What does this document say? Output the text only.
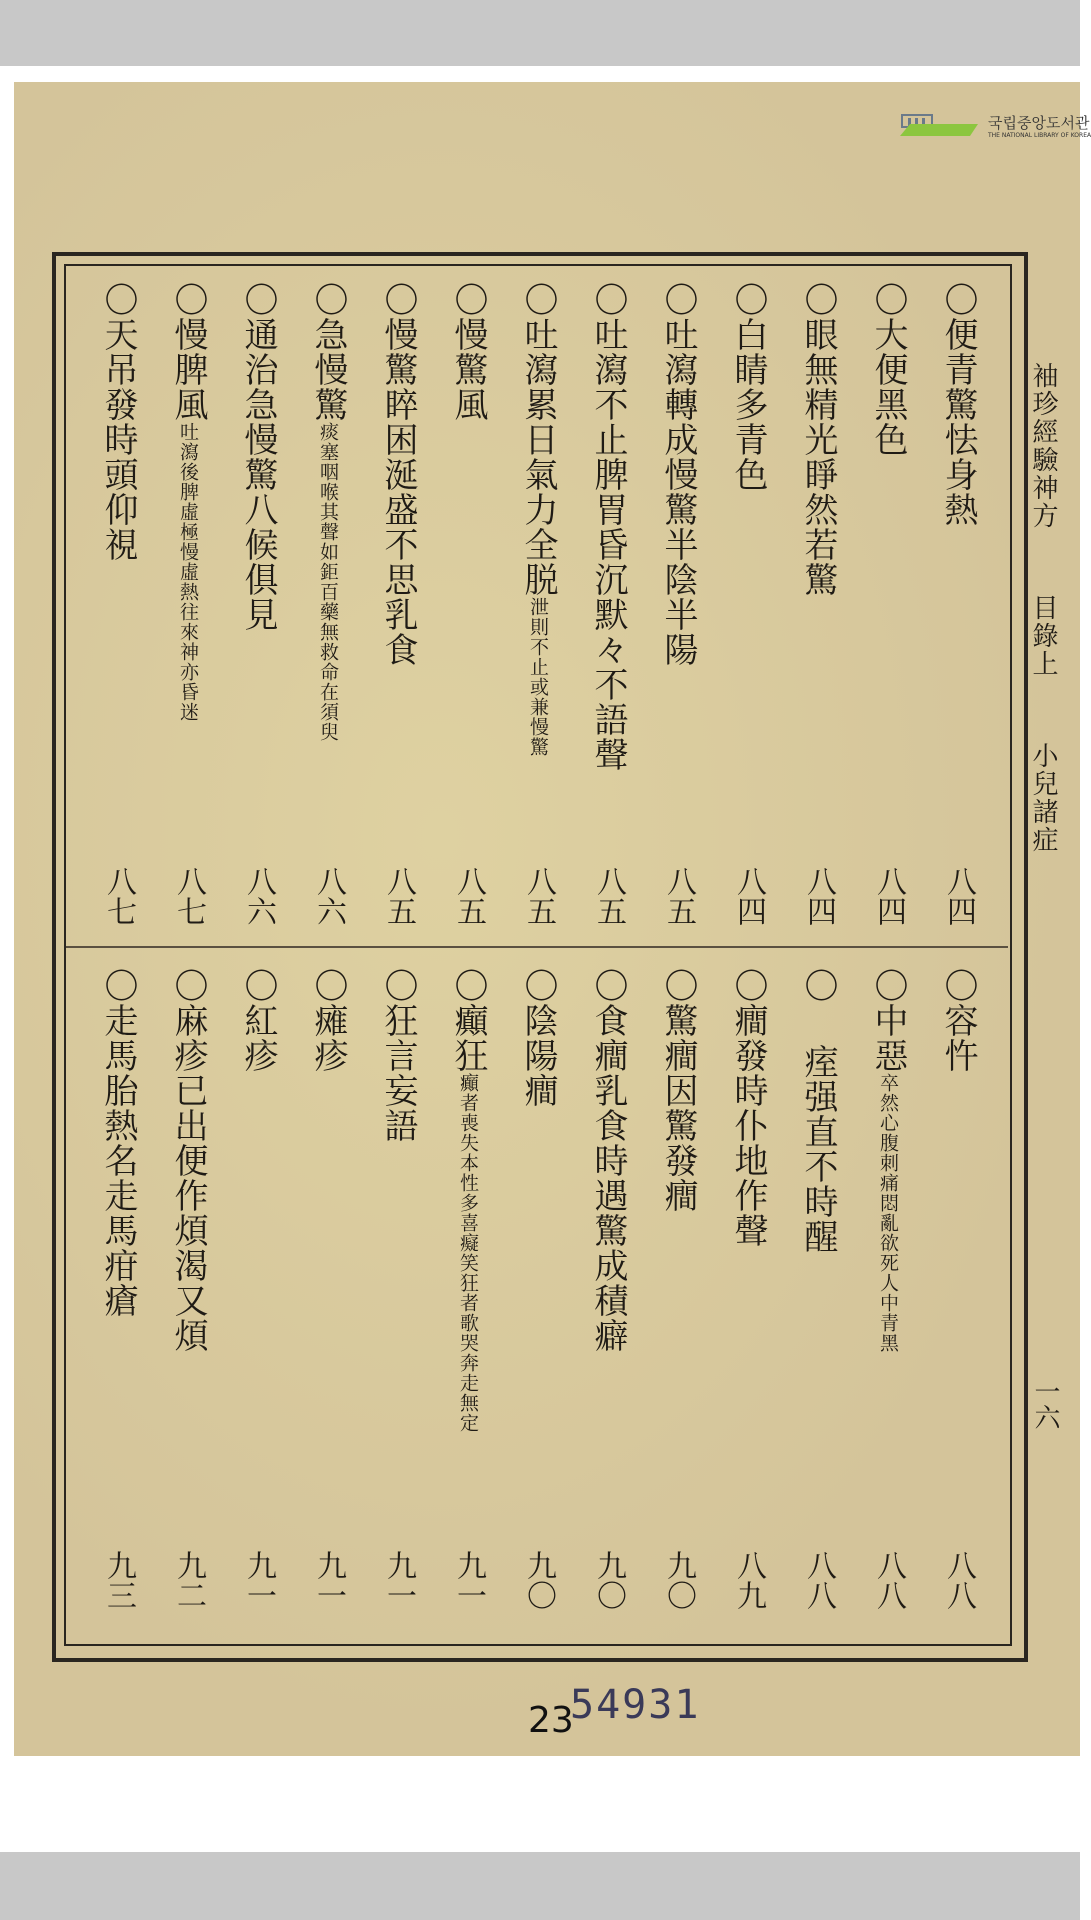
국립중앙도서관
THE NATIONAL LIBRARY OF KOREA
〇便青驚怯身熱
八四
〇大便黑色
八四
〇眼無精光睜然若驚
八四
〇白睛多青色
八四
〇吐瀉轉成慢驚半陰半陽
八五
〇吐瀉不止脾胃昏沉默々不語聲
八五
〇吐瀉累日氣力全脱泄則不止或兼慢驚
八五
〇慢驚風
八五
〇慢驚睟困涎盛不思乳食
八五
〇急慢驚痰塞咽喉其聲如鉅百藥無救命在須臾
八六
〇通治急慢驚八候俱見
八六
〇慢脾風吐瀉後脾虛極慢虛熱往來神亦昏迷
八七
〇天吊發時頭仰視
八七
〇容忤
八八
〇中惡卒然心腹刺痛悶亂欲死人中青黑
八八
〇 痓强直不時醒
八八
〇癎發時仆地作聲
八九
〇驚癎因驚發癎
九〇
〇食癎乳食時遇驚成積癖
九〇
〇陰陽癎
九〇
〇癲狂癲者喪失本性多喜癡笑狂者歌哭奔走無定
九一
〇狂言妄語
九一
〇瘫疹
九一
〇紅疹
九一
〇麻疹已出便作煩渴又煩
九二
〇走馬胎熱名走馬疳瘡
九三
袖珍經驗神方  目錄上  小兒諸症
一六
54931
23
